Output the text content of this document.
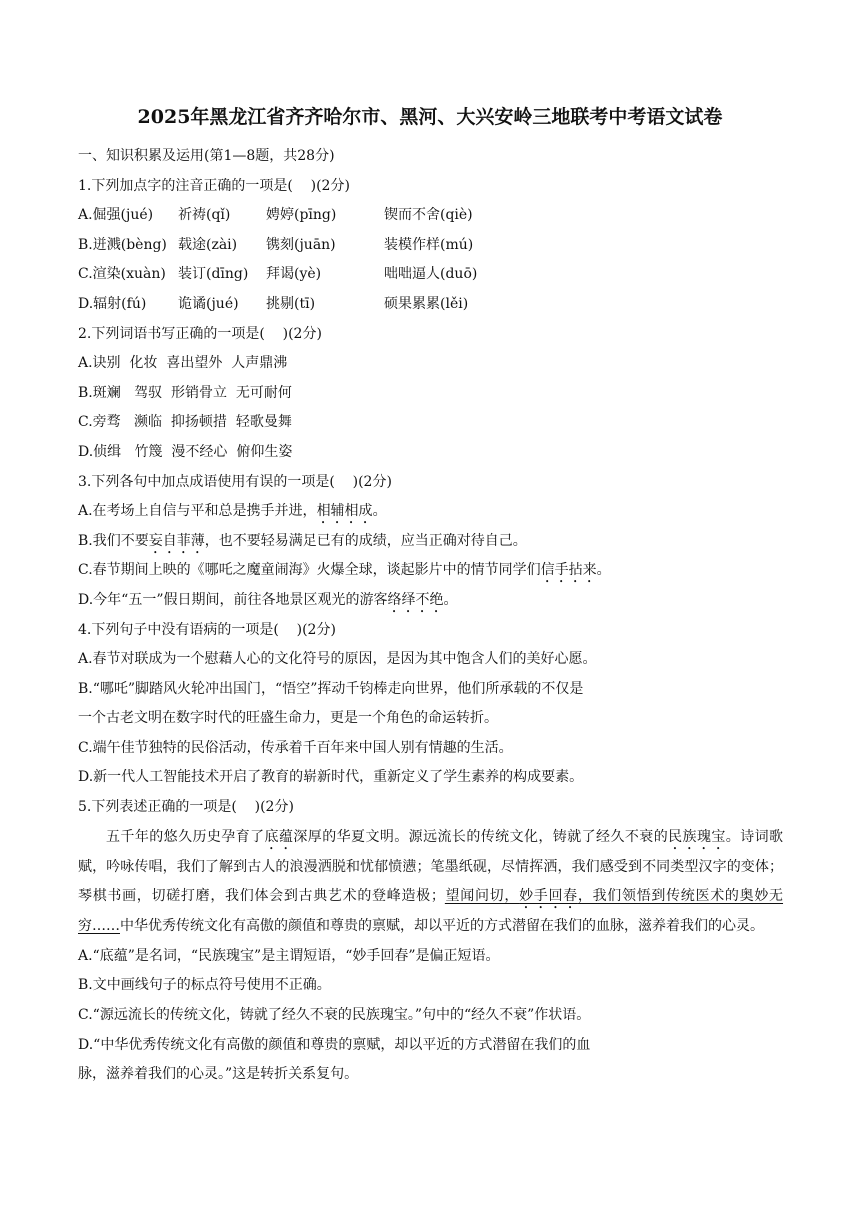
2025年黑龙江省齐齐哈尔市、黑河、大兴安岭三地联考中考语文试卷
一、知识积累及运用(第1—8题，共28分)
1.下列加点字的注音正确的一项是(    )(2分)
A.倔强(jué) 祈祷(qǐ)	娉婷(pīng)	锲而不舍(qiè)
B.迸溅(bèng) 载途(zài) 镌刻(juān)	装模作样(mú)
C.渲染(xuàn) 装订(dīng) 拜谒(yè)	咄咄逼人(duō)
D.辐射(fú) 诡谲(jué) 挑剔(tī)	硕果累累(lěi)
2.下列词语书写正确的一项是(    )(2分)
A.诀别  化妆  喜出望外  人声鼎沸
B.斑斓   驾驭  形销骨立  无可耐何
C.旁骛   濒临  抑扬顿措  轻歌曼舞
D.侦缉   竹篾  漫不经心  俯仰生姿
3.下列各句中加点成语使用有误的一项是(    )(2分)
A.在考场上自信与平和总是携手并进，相辅相成。
B.我们不要妄自菲薄，也不要轻易满足已有的成绩，应当正确对待自己。
C.春节期间上映的《哪吒之魔童闹海》火爆全球，谈起影片中的情节同学们信手拈来。
D.今年“五一”假日期间，前往各地景区观光的游客络绎不绝。
4.下列句子中没有语病的一项是(    )(2分)
A.春节对联成为一个慰藉人心的文化符号的原因，是因为其中饱含人们的美好心愿。
B.“哪吒”脚踏风火轮冲出国门，“悟空”挥动千钧棒走向世界，他们所承载的不仅是
一个古老文明在数字时代的旺盛生命力，更是一个角色的命运转折。
C.端午佳节独特的民俗活动，传承着千百年来中国人别有情趣的生活。
D.新一代人工智能技术开启了教育的崭新时代，重新定义了学生素养的构成要素。
5.下列表述正确的一项是(    )(2分)
五千年的悠久历史孕育了底蕴深厚的华夏文明。源远流长的传统文化，铸就了经久不衰的民族瑰宝。诗词歌赋，吟咏传唱，我们了解到古人的浪漫洒脱和忧郁愤懑；笔墨纸砚，尽情挥洒，我们感受到不同类型汉字的变体；琴棋书画，切磋打磨，我们体会到古典艺术的登峰造极；望闻问切，妙手回春，我们领悟到传统医术的奥妙无穷……中华优秀传统文化有高傲的颜值和尊贵的禀赋，却以平近的方式潜留在我们的血脉，滋养着我们的心灵。
A.“底蕴”是名词，“民族瑰宝”是主谓短语，“妙手回春”是偏正短语。
B.文中画线句子的标点符号使用不正确。
C.“源远流长的传统文化，铸就了经久不衰的民族瑰宝。”句中的“经久不衰”作状语。
D.“中华优秀传统文化有高傲的颜值和尊贵的禀赋，却以平近的方式潜留在我们的血
脉，滋养着我们的心灵。”这是转折关系复句。
